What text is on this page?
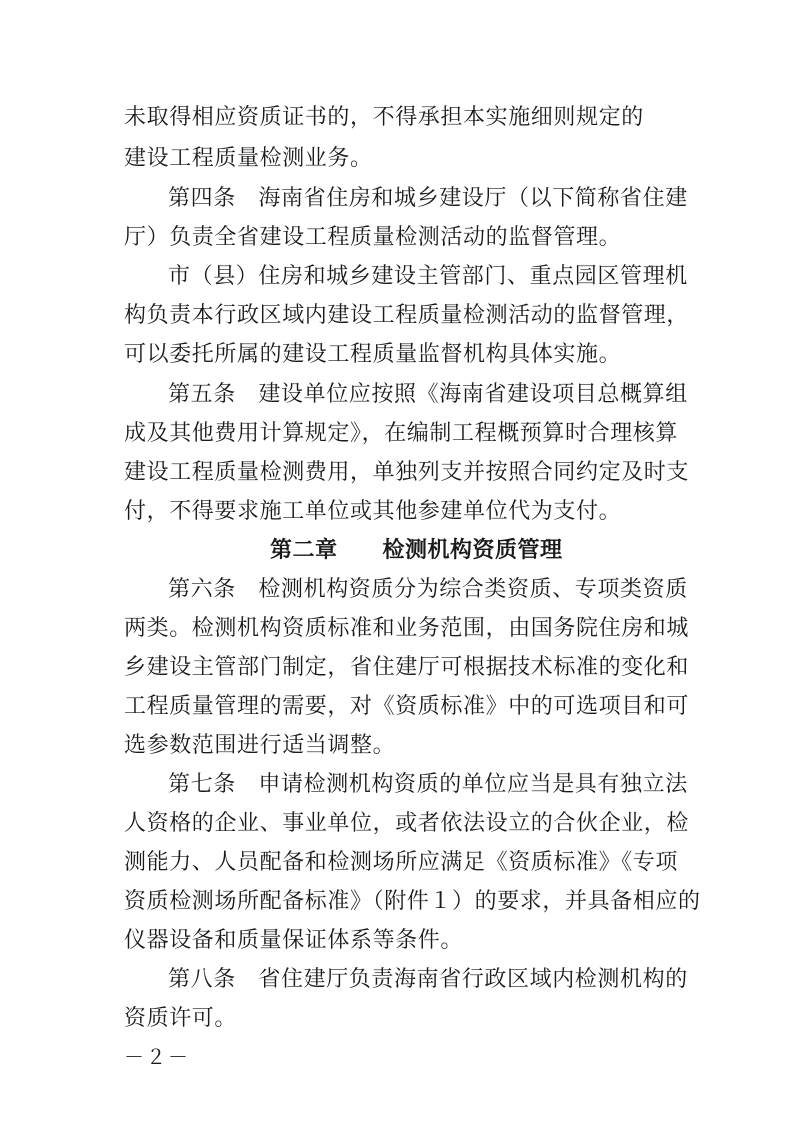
未取得相应资质证书的，不得承担本实施细则规定的
建设工程质量检测业务。
第四条　海南省住房和城乡建设厅（以下简称省住建
厅）负责全省建设工程质量检测活动的监督管理。
市（县）住房和城乡建设主管部门、重点园区管理机
构负责本行政区域内建设工程质量检测活动的监督管理，
可以委托所属的建设工程质量监督机构具体实施。
第五条　建设单位应按照《海南省建设项目总概算组
成及其他费用计算规定》，在编制工程概预算时合理核算
建设工程质量检测费用，单独列支并按照合同约定及时支
付，不得要求施工单位或其他参建单位代为支付。
第二章　　检测机构资质管理
第六条　检测机构资质分为综合类资质、专项类资质
两类。检测机构资质标准和业务范围，由国务院住房和城
乡建设主管部门制定，省住建厅可根据技术标准的变化和
工程质量管理的需要，对《资质标准》中的可选项目和可
选参数范围进行适当调整。
第七条　申请检测机构资质的单位应当是具有独立法
人资格的企业、事业单位，或者依法设立的合伙企业，检
测能力、人员配备和检测场所应满足《资质标准》《专项
资质检测场所配备标准》（附件１）的要求，并具备相应的
仪器设备和质量保证体系等条件。
第八条　省住建厅负责海南省行政区域内检测机构的
资质许可。
－２－
